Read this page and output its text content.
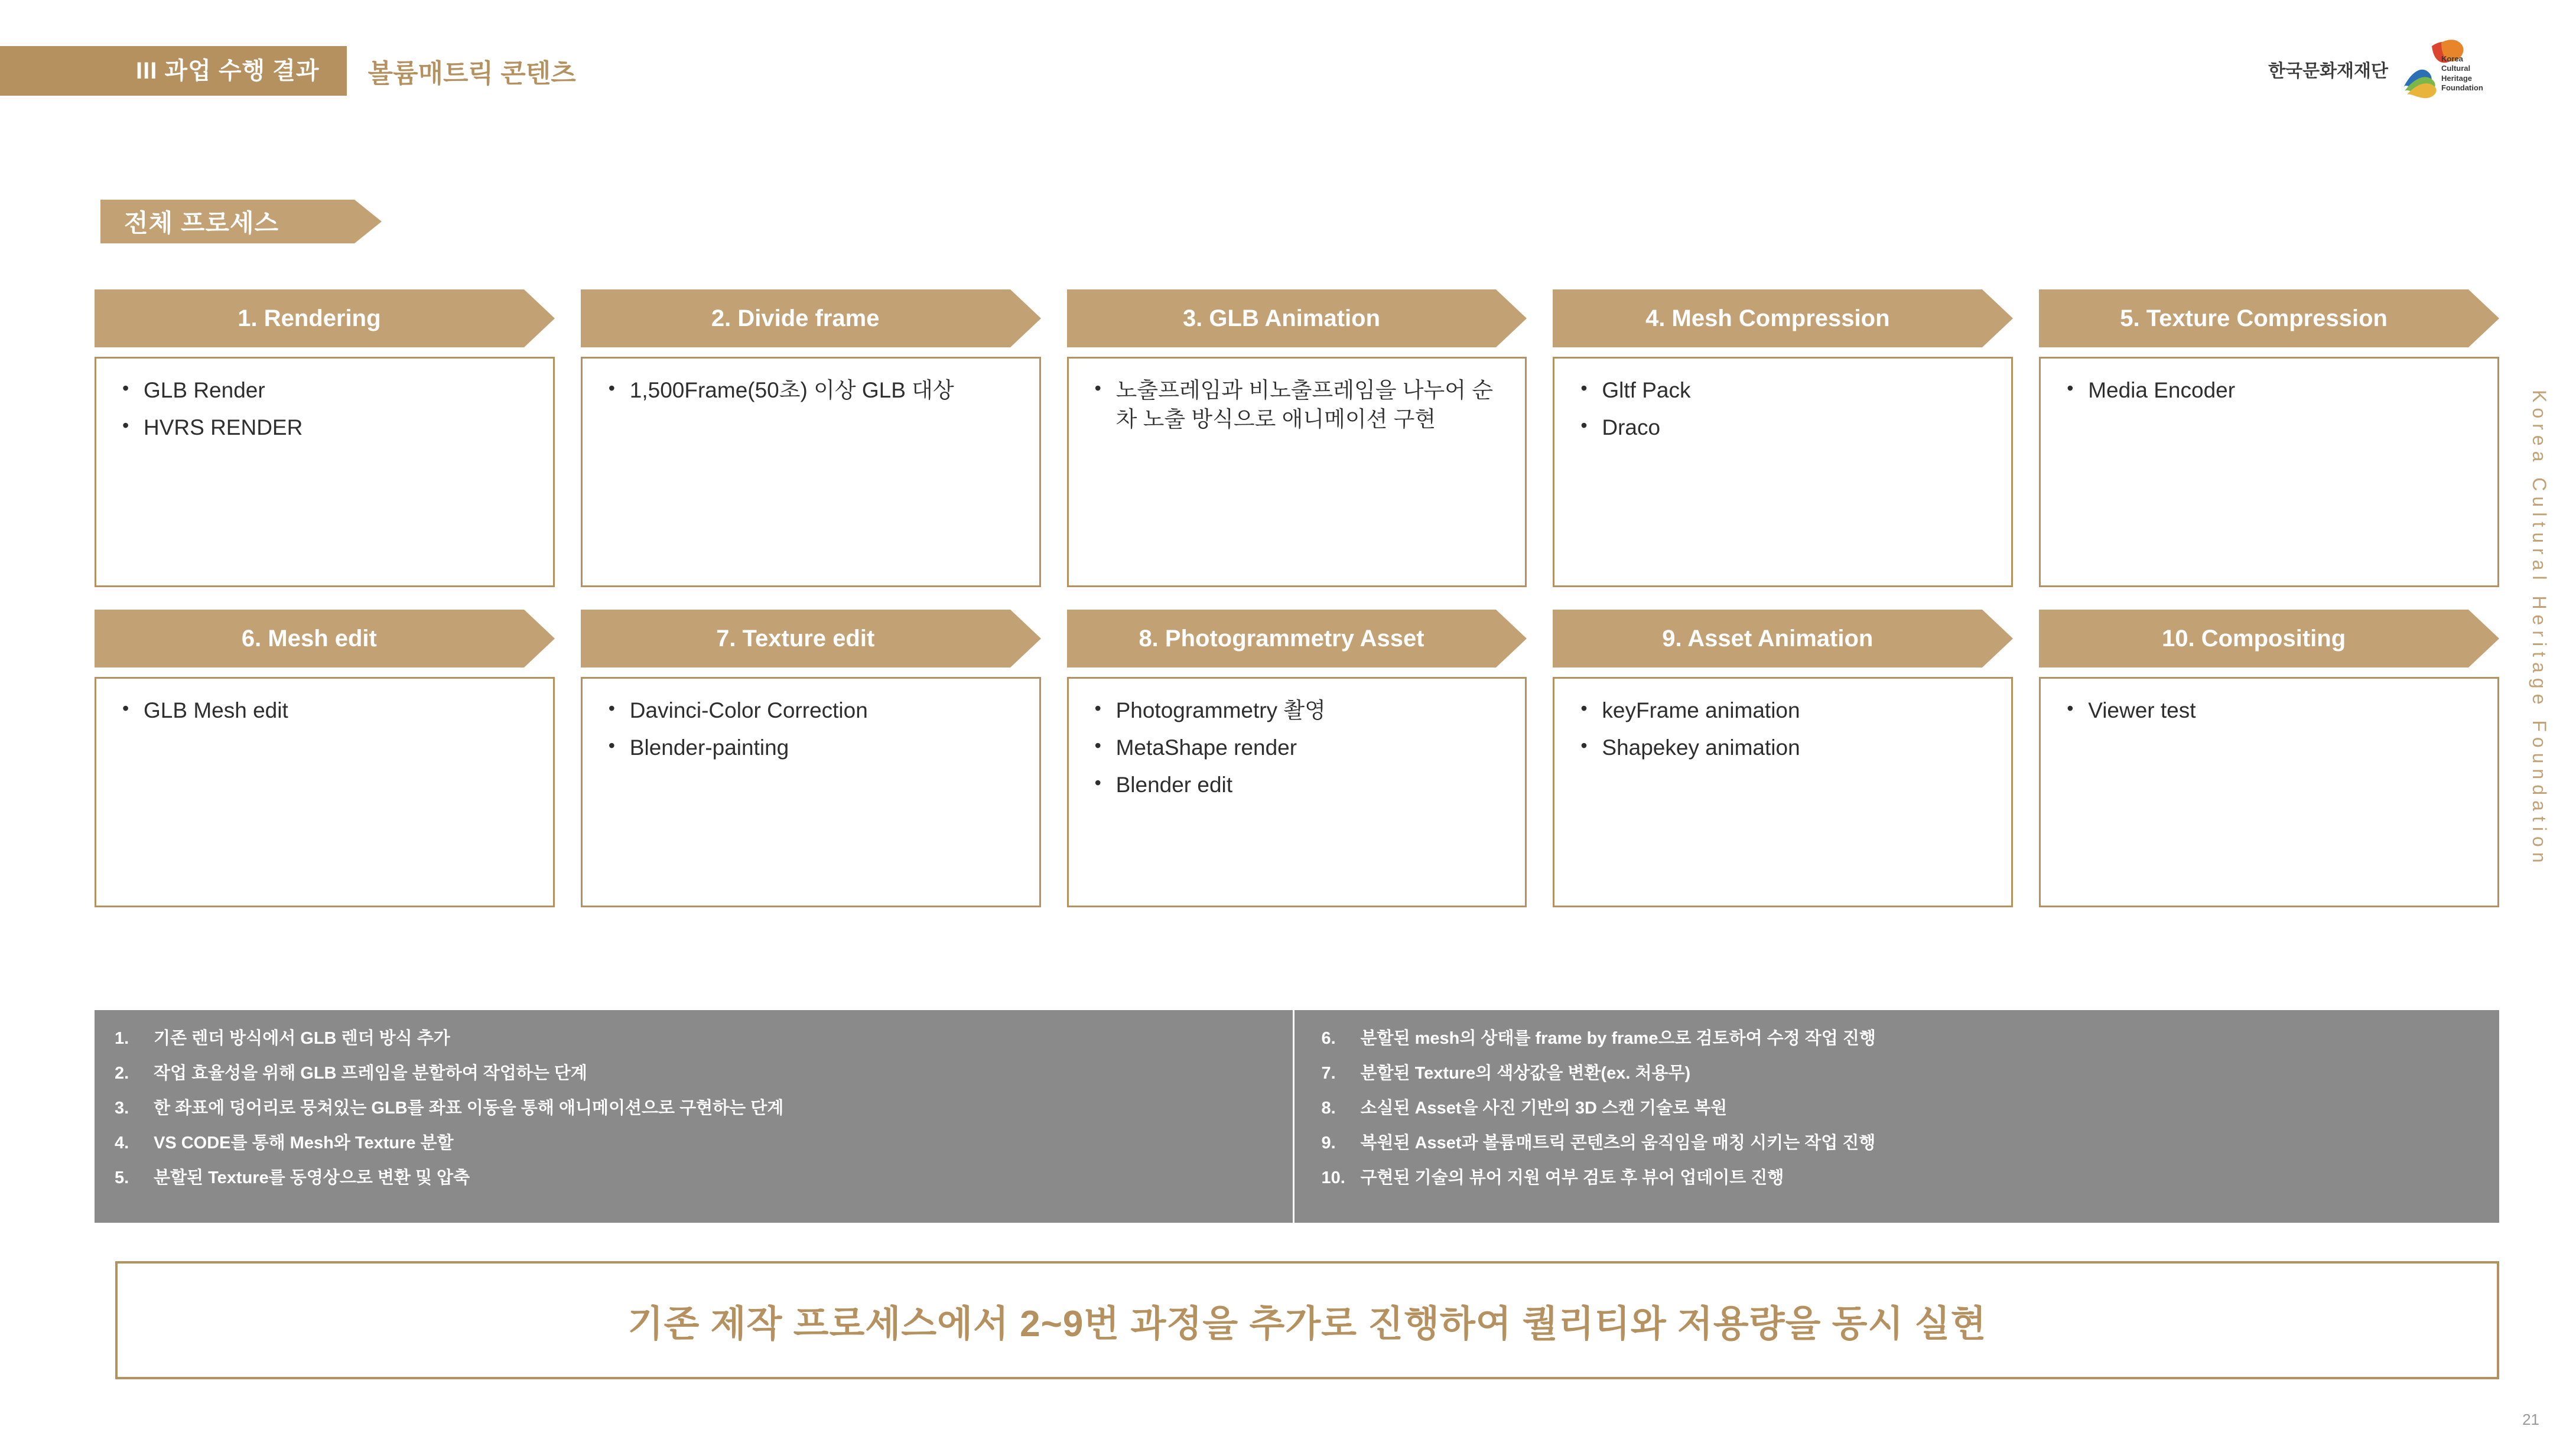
III 과업 수행 결과	볼륨매트릭 콘텐츠	한국문화재재단
Korea
Cultural Heritage
Foundation
전체 프로세스
1. Rendering	2. Divide frame	3. GLB Animation	4. Mesh Compression	5. Texture Compression
• GLB Render
• HVRS RENDER
• 1,500Frame(50초) 이상 GLB 대상	• 노출프레임과 비노출프레임을 나누어 순차 노출 방식으로 애니메이션 구현
• Gltf Pack
• Draco
• Media Encoder
6. Mesh edit	7. Texture edit	8. Photogrammetry Asset	9. Asset Animation	10. Compositing
• GLB Mesh edit	• Davinci-Color Correction
• Blender-painting
• Photogrammetry 촬영
• MetaShape render
• Blender edit
• keyFrame animation
• Shapekey animation
• Viewer test
1.	기존 렌더 방식에서 GLB 렌더 방식 추가
2.	작업 효율성을 위해 GLB 프레임을 분할하여 작업하는 단계
3.	한 좌표에 덩어리로 뭉쳐있는 GLB를 좌표 이동을 통해 애니메이션으로 구현하는 단계
4.	VS CODE를 통해 Mesh와 Texture 분할
5.	분할된 Texture를 동영상으로 변환 및 압축
6.	분할된 mesh의 상태를 frame by frame으로 검토하여 수정 작업 진행
7.	분할된 Texture의 색상값을 변환(ex. 처용무)
8.	소실된 Asset을 사진 기반의 3D 스캔 기술로 복원
9.	복원된 Asset과 볼륨매트릭 콘텐츠의 움직임을 매칭 시키는 작업 진행
10. 구현된 기술의 뷰어 지원 여부 검토 후 뷰어 업데이트 진행
기존 제작 프로세스에서 2~9번 과정을 추가로 진행하여 퀄리티와 저용량을 동시 실현
Korea Cultural Heritage Foundation
21
